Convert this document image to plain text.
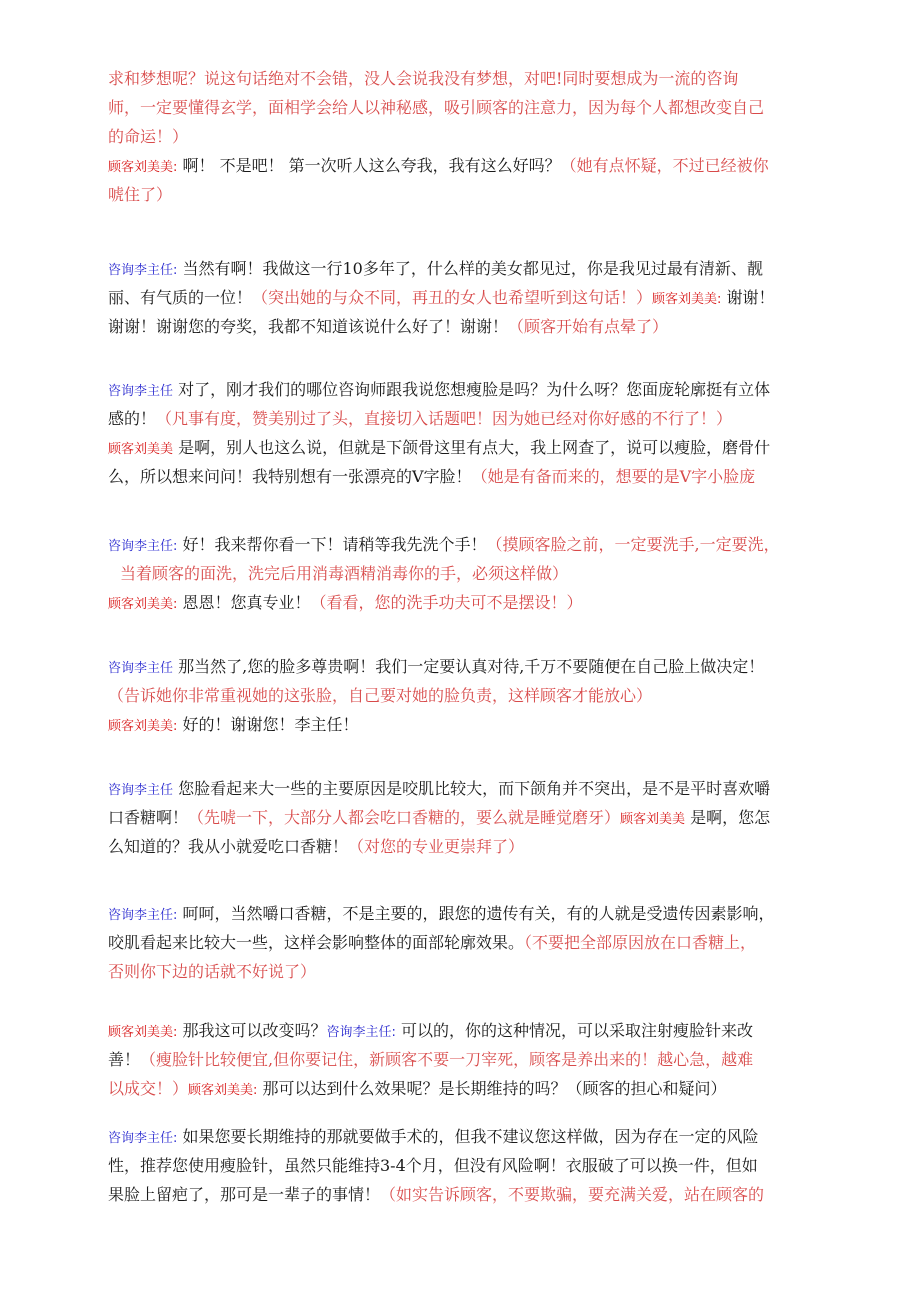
求和梦想呢？说这句话绝对不会错，没人会说我没有梦想，对吧!同时要想成为一流的咨询
师，一定要懂得玄学，面相学会给人以神秘感，吸引顾客的注意力，因为每个人都想改变自己
的命运！）
顾客刘美美: 啊！ 不是吧！ 第一次听人这么夸我，我有这么好吗？（她有点怀疑，不过已经被你
唬住了）
咨询李主任: 当然有啊！我做这一行10多年了，什么样的美女都见过，你是我见过最有清新、靓
丽、有气质的一位！（突出她的与众不同，再丑的女人也希望听到这句话！）顾客刘美美: 谢谢！
谢谢！谢谢您的夸奖，我都不知道该说什么好了！谢谢！（顾客开始有点晕了）
咨询李主任 对了，刚才我们的哪位咨询师跟我说您想瘦脸是吗？为什么呀？您面庞轮廓挺有立体
感的！（凡事有度，赞美别过了头，直接切入话题吧！因为她已经对你好感的不行了！）
顾客刘美美 是啊，别人也这么说，但就是下颌骨这里有点大，我上网查了，说可以瘦脸，磨骨什
么，所以想来问问！我特别想有一张漂亮的V字脸！（她是有备而来的，想要的是V字小脸庞
咨询李主任: 好！我来帮你看一下！请稍等我先洗个手！（摸顾客脸之前，一定要洗手,一定要洗，
当着顾客的面洗，洗完后用消毒酒精消毒你的手，必须这样做）
顾客刘美美: 恩恩！您真专业！（看看，您的洗手功夫可不是摆设！）
咨询李主任 那当然了,您的脸多尊贵啊！我们一定要认真对待,千万不要随便在自己脸上做决定！
（告诉她你非常重视她的这张脸，自己要对她的脸负责，这样顾客才能放心）
顾客刘美美: 好的！谢谢您！李主任！
咨询李主任 您脸看起来大一些的主要原因是咬肌比较大，而下颌角并不突出，是不是平时喜欢嚼
口香糖啊！（先唬一下，大部分人都会吃口香糖的，要么就是睡觉磨牙）顾客刘美美 是啊，您怎
么知道的？我从小就爱吃口香糖！（对您的专业更崇拜了）
咨询李主任: 呵呵，当然嚼口香糖，不是主要的，跟您的遗传有关，有的人就是受遗传因素影响，
咬肌看起来比较大一些，这样会影响整体的面部轮廓效果。（不要把全部原因放在口香糖上，
否则你下边的话就不好说了）
顾客刘美美: 那我这可以改变吗？咨询李主任: 可以的，你的这种情况，可以采取注射瘦脸针来改
善！（瘦脸针比较便宜,但你要记住，新顾客不要一刀宰死，顾客是养出来的！越心急，越难
以成交！）顾客刘美美: 那可以达到什么效果呢？是长期维持的吗？（顾客的担心和疑问）
咨询李主任: 如果您要长期维持的那就要做手术的，但我不建议您这样做，因为存在一定的风险
性，推荐您使用瘦脸针，虽然只能维持3-4个月，但没有风险啊！衣服破了可以换一件，但如
果脸上留疤了，那可是一辈子的事情！（如实告诉顾客，不要欺骗，要充满关爱，站在顾客的
